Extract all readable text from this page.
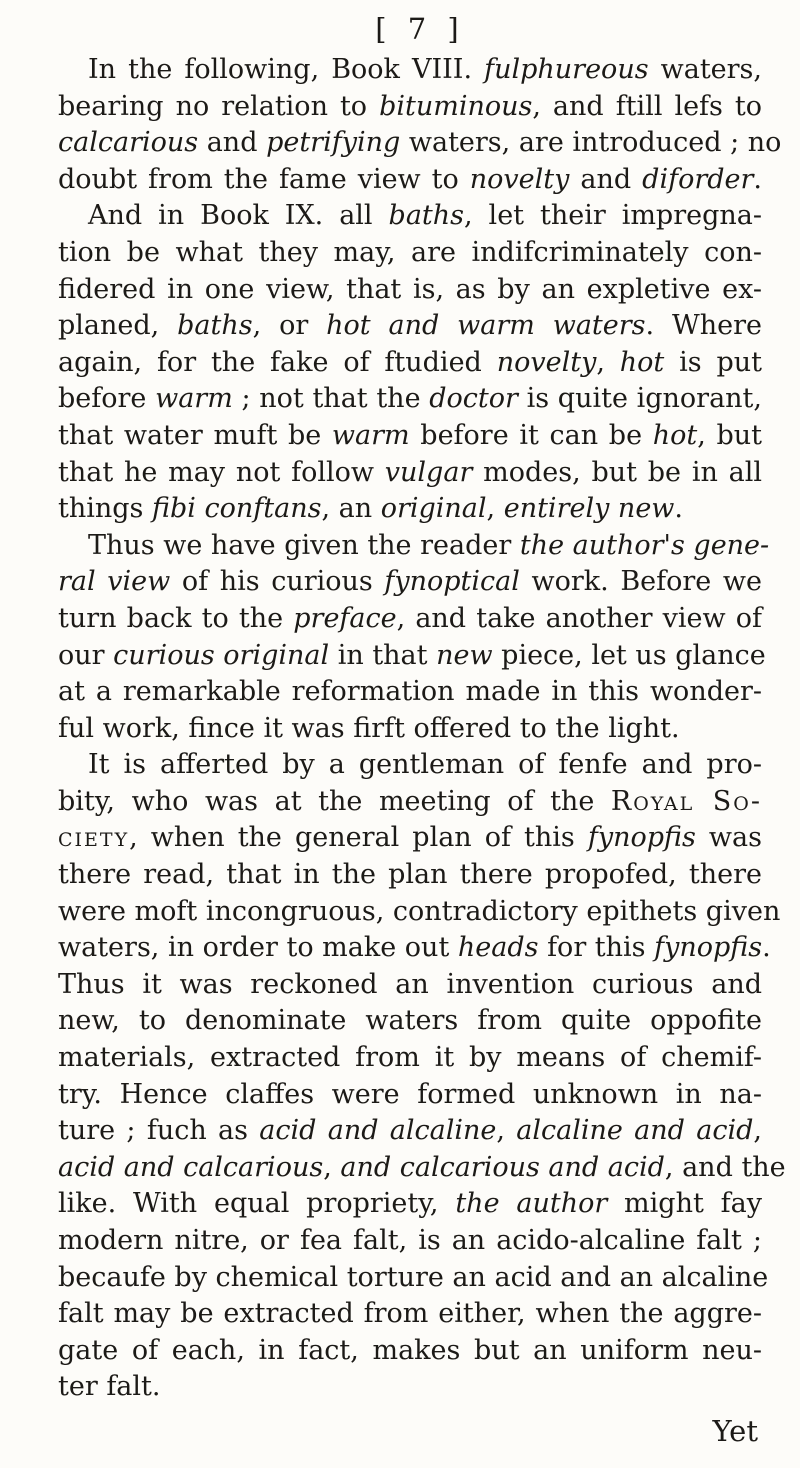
[ 7 ]
In the following, Book VIII. fulphureous waters,
bearing no relation to bituminous, and ftill lefs to
calcarious and petrifying waters, are introduced ; no
doubt from the fame view to novelty and diforder.
And in Book IX. all baths, let their impregna-
tion be what they may, are indifcriminately con-
fidered in one view, that is, as by an expletive ex-
planed, baths, or hot and warm waters. Where
again, for the fake of ftudied novelty, hot is put
before warm ; not that the doctor is quite ignorant,
that water muft be warm before it can be hot, but
that he may not follow vulgar modes, but be in all
things fibi conftans, an original, entirely new.
Thus we have given the reader the author's gene-
ral view of his curious fynoptical work. Before we
turn back to the preface, and take another view of
our curious original in that new piece, let us glance
at a remarkable reformation made in this wonder-
ful work, fince it was firft offered to the light.
It is afferted by a gentleman of fenfe and pro-
bity, who was at the meeting of the Royal So-
ciety, when the general plan of this fynopfis was
there read, that in the plan there propofed, there
were moft incongruous, contradictory epithets given
waters, in order to make out heads for this fynopfis.
Thus it was reckoned an invention curious and
new, to denominate waters from quite oppofite
materials, extracted from it by means of chemif-
try. Hence claffes were formed unknown in na-
ture ; fuch as acid and alcaline, alcaline and acid,
acid and calcarious, and calcarious and acid, and the
like. With equal propriety, the author might fay
modern nitre, or fea falt, is an acido-alcaline falt ;
becaufe by chemical torture an acid and an alcaline
falt may be extracted from either, when the aggre-
gate of each, in fact, makes but an uniform neu-
ter falt.
Yet
